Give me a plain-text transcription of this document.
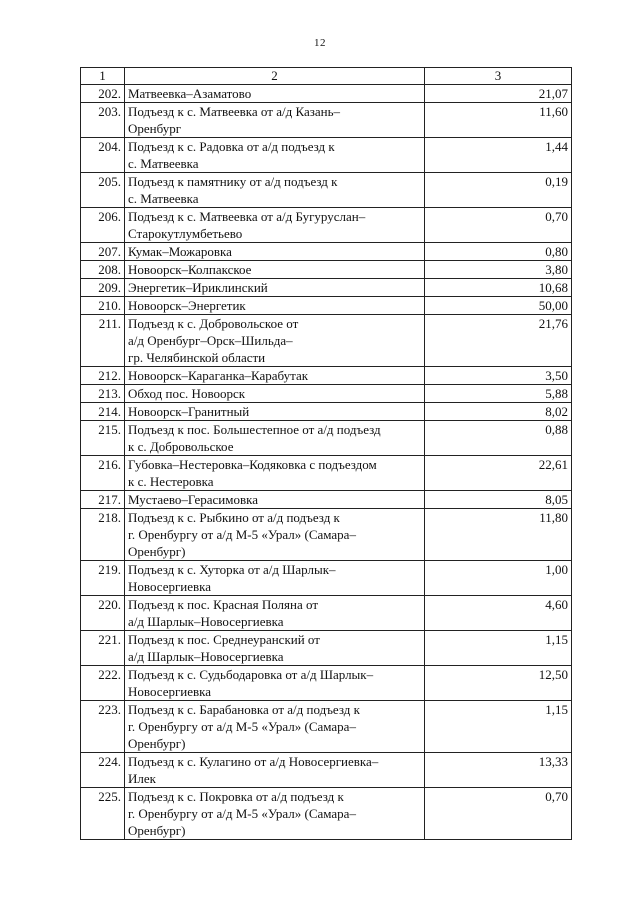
12
1	2	3
202.	Матвеевка–Азаматово	21,07
203.	Подъезд к с. Матвеевка от а/д Казань–
Оренбург	11,60
204.	Подъезд к с. Радовка от а/д подъезд к
с. Матвеевка	1,44
205.	Подъезд к памятнику от а/д подъезд к
с. Матвеевка	0,19
206.	Подъезд к с. Матвеевка от а/д Бугуруслан–
Старокутлумбетьево	0,70
207.	Кумак–Можаровка	0,80
208.	Новоорск–Колпакское	3,80
209.	Энергетик–Ириклинский	10,68
210.	Новоорск–Энергетик	50,00
211.	Подъезд к с. Добровольское от
а/д Оренбург–Орск–Шильда–
гр. Челябинской области	21,76
212.	Новоорск–Караганка–Карабутак	3,50
213.	Обход пос. Новоорск	5,88
214.	Новоорск–Гранитный	8,02
215.	Подъезд к пос. Большестепное от а/д подъезд
к с. Добровольское	0,88
216.	Губовка–Нестеровка–Кодяковка с подъездом
к с. Нестеровка	22,61
217.	Мустаево–Герасимовка	8,05
218.	Подъезд к с. Рыбкино от а/д подъезд к
г. Оренбургу от а/д М-5 «Урал» (Самара–
Оренбург)	11,80
219.	Подъезд к с. Хуторка от а/д Шарлык–
Новосергиевка	1,00
220.	Подъезд к пос. Красная Поляна от
а/д Шарлык–Новосергиевка	4,60
221.	Подъезд к пос. Среднеуранский от
а/д Шарлык–Новосергиевка	1,15
222.	Подъезд к с. Судьбодаровка от а/д Шарлык–
Новосергиевка	12,50
223.	Подъезд к с. Барабановка от а/д подъезд к
г. Оренбургу от а/д М-5 «Урал» (Самара–
Оренбург)	1,15
224.	Подъезд к с. Кулагино от а/д Новосергиевка–
Илек	13,33
225.	Подъезд к с. Покровка от а/д подъезд к
г. Оренбургу от а/д М-5 «Урал» (Самара–
Оренбург)	0,70
